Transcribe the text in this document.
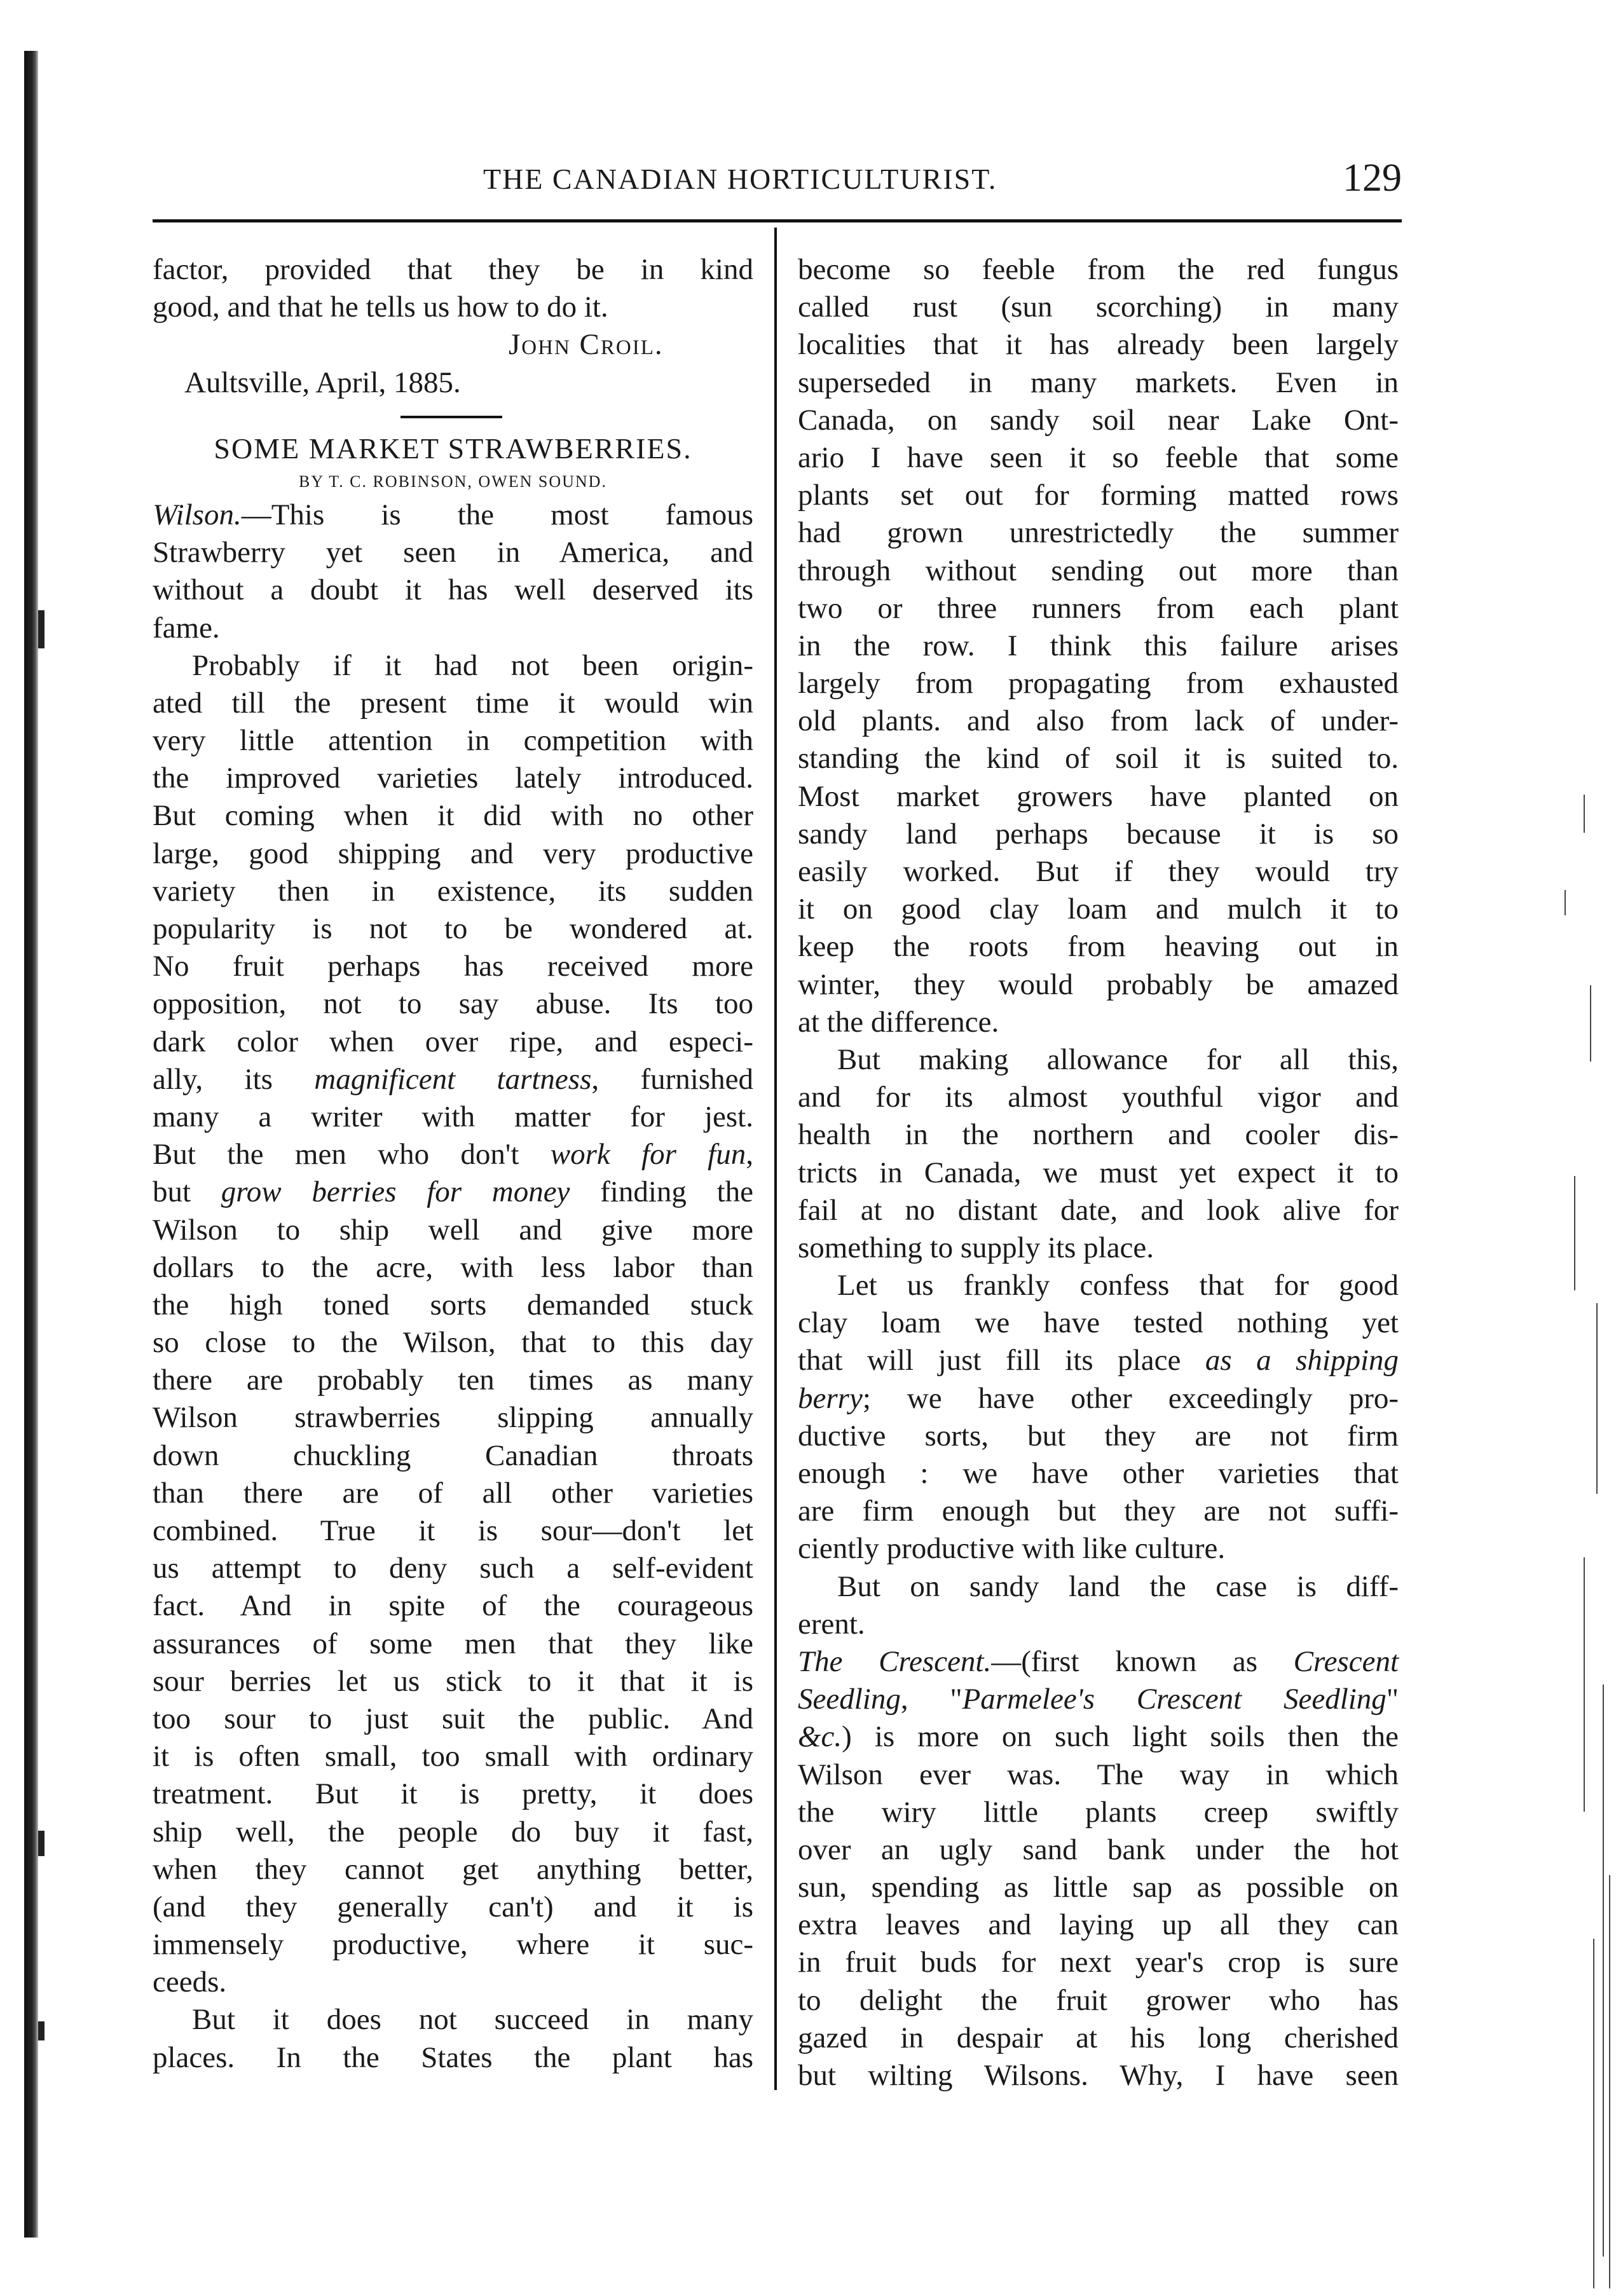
THE CANADIAN HORTICULTURIST.	129
factor, provided that they be in kind
good, and that he tells us how to do it.
John Croil.
Aultsville, April, 1885.
SOME MARKET STRAWBERRIES.
BY T. C. ROBINSON, OWEN SOUND.
Wilson.—This is the most famous
Strawberry yet seen in America, and
without a doubt it has well deserved its
fame.
Probably if it had not been origin-
ated till the present time it would win
very little attention in competition with
the improved varieties lately introduced.
But coming when it did with no other
large, good shipping and very productive
variety then in existence, its sudden
popularity is not to be wondered at.
No fruit perhaps has received more
opposition, not to say abuse. Its too
dark color when over ripe, and especi-
ally, its magnificent tartness, furnished
many a writer with matter for jest.
But the men who don't work for fun,
but grow berries for money finding the
Wilson to ship well and give more
dollars to the acre, with less labor than
the high toned sorts demanded stuck
so close to the Wilson, that to this day
there are probably ten times as many
Wilson strawberries slipping annually
down chuckling Canadian throats
than there are of all other varieties
combined. True it is sour—don't let
us attempt to deny such a self-evident
fact. And in spite of the courageous
assurances of some men that they like
sour berries let us stick to it that it is
too sour to just suit the public. And
it is often small, too small with ordinary
treatment. But it is pretty, it does
ship well, the people do buy it fast,
when they cannot get anything better,
(and they generally can't) and it is
immensely productive, where it suc-
ceeds.
But it does not succeed in many
places. In the States the plant has
become so feeble from the red fungus
called rust (sun scorching) in many
localities that it has already been largely
superseded in many markets. Even in
Canada, on sandy soil near Lake Ont-
ario I have seen it so feeble that some
plants set out for forming matted rows
had grown unrestrictedly the summer
through without sending out more than
two or three runners from each plant
in the row. I think this failure arises
largely from propagating from exhausted
old plants. and also from lack of under-
standing the kind of soil it is suited to.
Most market growers have planted on
sandy land perhaps because it is so
easily worked. But if they would try
it on good clay loam and mulch it to
keep the roots from heaving out in
winter, they would probably be amazed
at the difference.
But making allowance for all this,
and for its almost youthful vigor and
health in the northern and cooler dis-
tricts in Canada, we must yet expect it to
fail at no distant date, and look alive for
something to supply its place.
Let us frankly confess that for good
clay loam we have tested nothing yet
that will just fill its place as a shipping
berry; we have other exceedingly pro-
ductive sorts, but they are not firm
enough : we have other varieties that
are firm enough but they are not suffi-
ciently productive with like culture.
But on sandy land the case is diff-
erent.
The Crescent.—(first known as Crescent
Seedling, "Parmelee's Crescent Seedling"
&c.) is more on such light soils then the
Wilson ever was. The way in which
the wiry little plants creep swiftly
over an ugly sand bank under the hot
sun, spending as little sap as possible on
extra leaves and laying up all they can
in fruit buds for next year's crop is sure
to delight the fruit grower who has
gazed in despair at his long cherished
but wilting Wilsons. Why, I have seen
